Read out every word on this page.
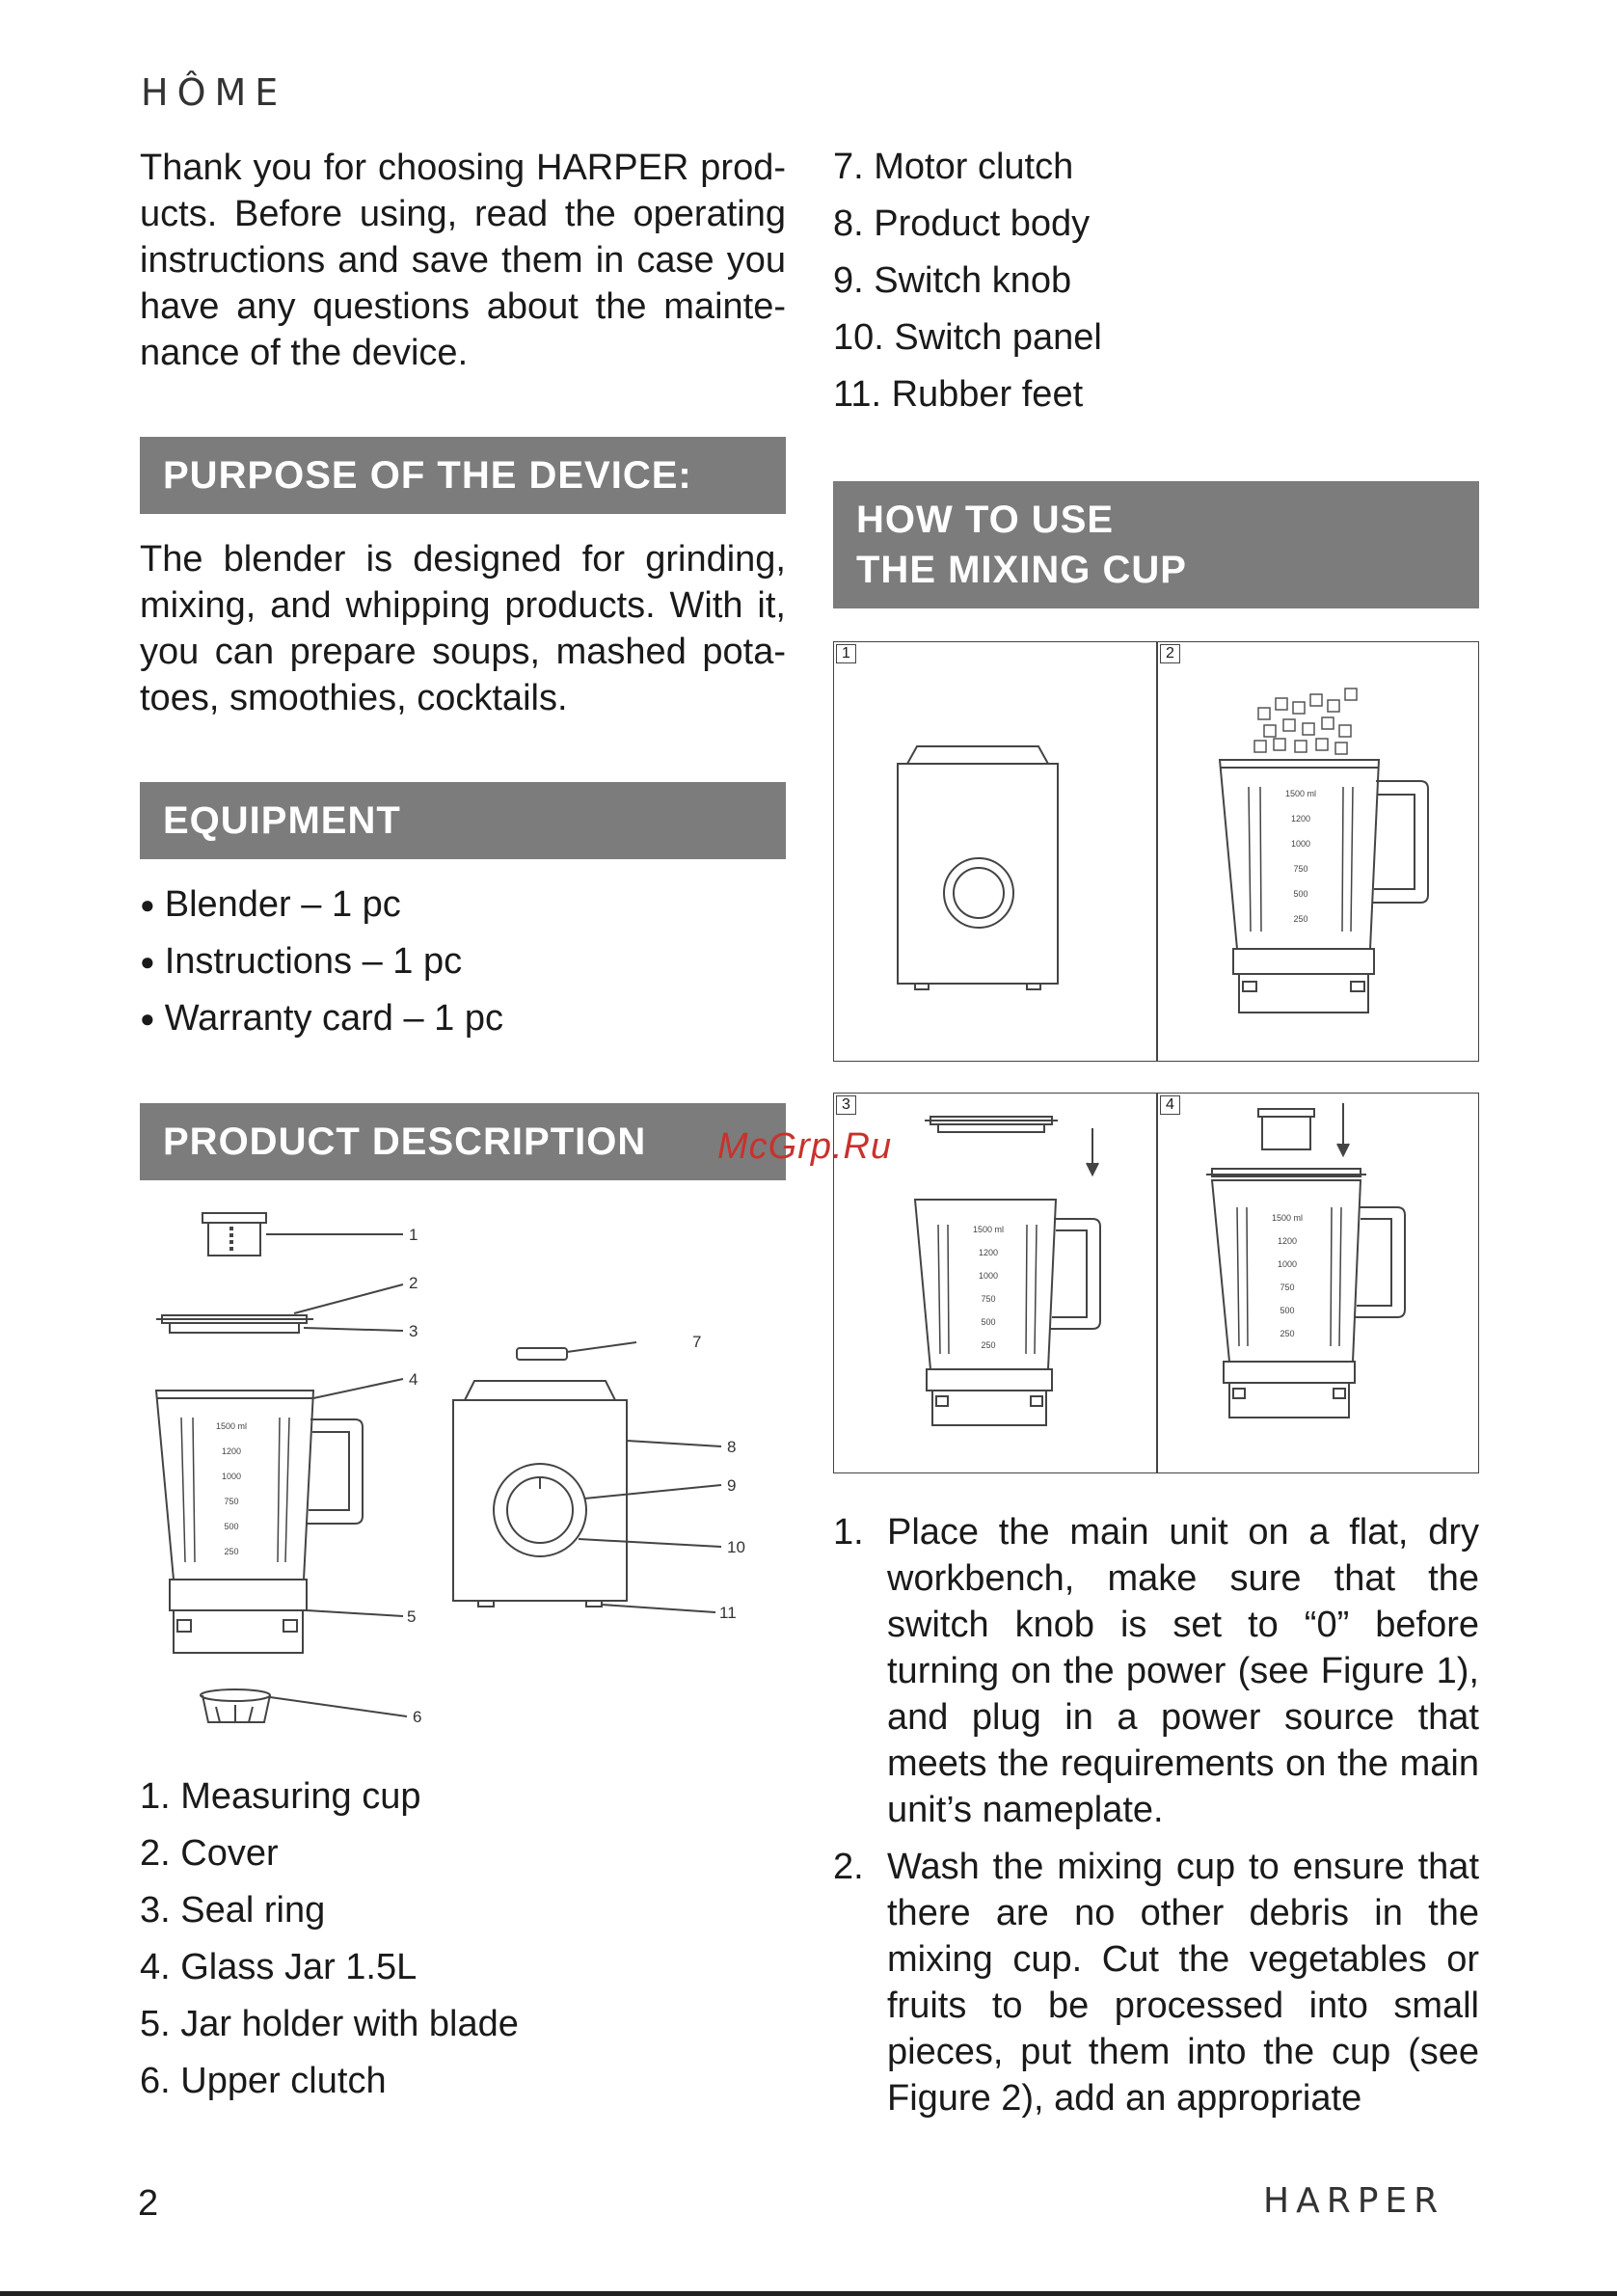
HÔME
Thank you for choosing HARPER products. Before using, read the operating instructions and save them in case you have any questions about the maintenance of the device.
PURPOSE OF THE DEVICE:
The blender is designed for grinding, mixing, and whipping products. With it, you can prepare soups, mashed potatoes, smoothies, cocktails.
EQUIPMENT
● Blender – 1 pc
● Instructions – 1 pc
● Warranty card – 1 pc
PRODUCT DESCRIPTION McGrp.Ru
1500 ml
1200
1000
750
500
250
1
2
3
4
5
6
7
8
9
10
11
1. Measuring cup
2. Cover
3. Seal ring
4. Glass Jar 1.5L
5. Jar holder with blade
6. Upper clutch
7. Motor clutch
8. Product body
9. Switch knob
10. Switch panel
11. Rubber feet
HOW TO USE
THE MIXING CUP
1	2
1500 ml
1200
1000
750
500
250
3	4
1500 ml
1200
1000
750
500
250
1500 ml
1200
1000
750
500
250
1. Place the main unit on a flat, dry workbench, make sure that the switch knob is set to “0” before turning on the power (see Figure 1), and plug in a power source that meets the requirements on the main unit’s nameplate.
2. Wash the mixing cup to ensure that there are no other debris in the mixing cup. Cut the vegetables or fruits to be processed into small pieces, put them into the cup (see Figure 2), add an appropriate
2	HARPER
